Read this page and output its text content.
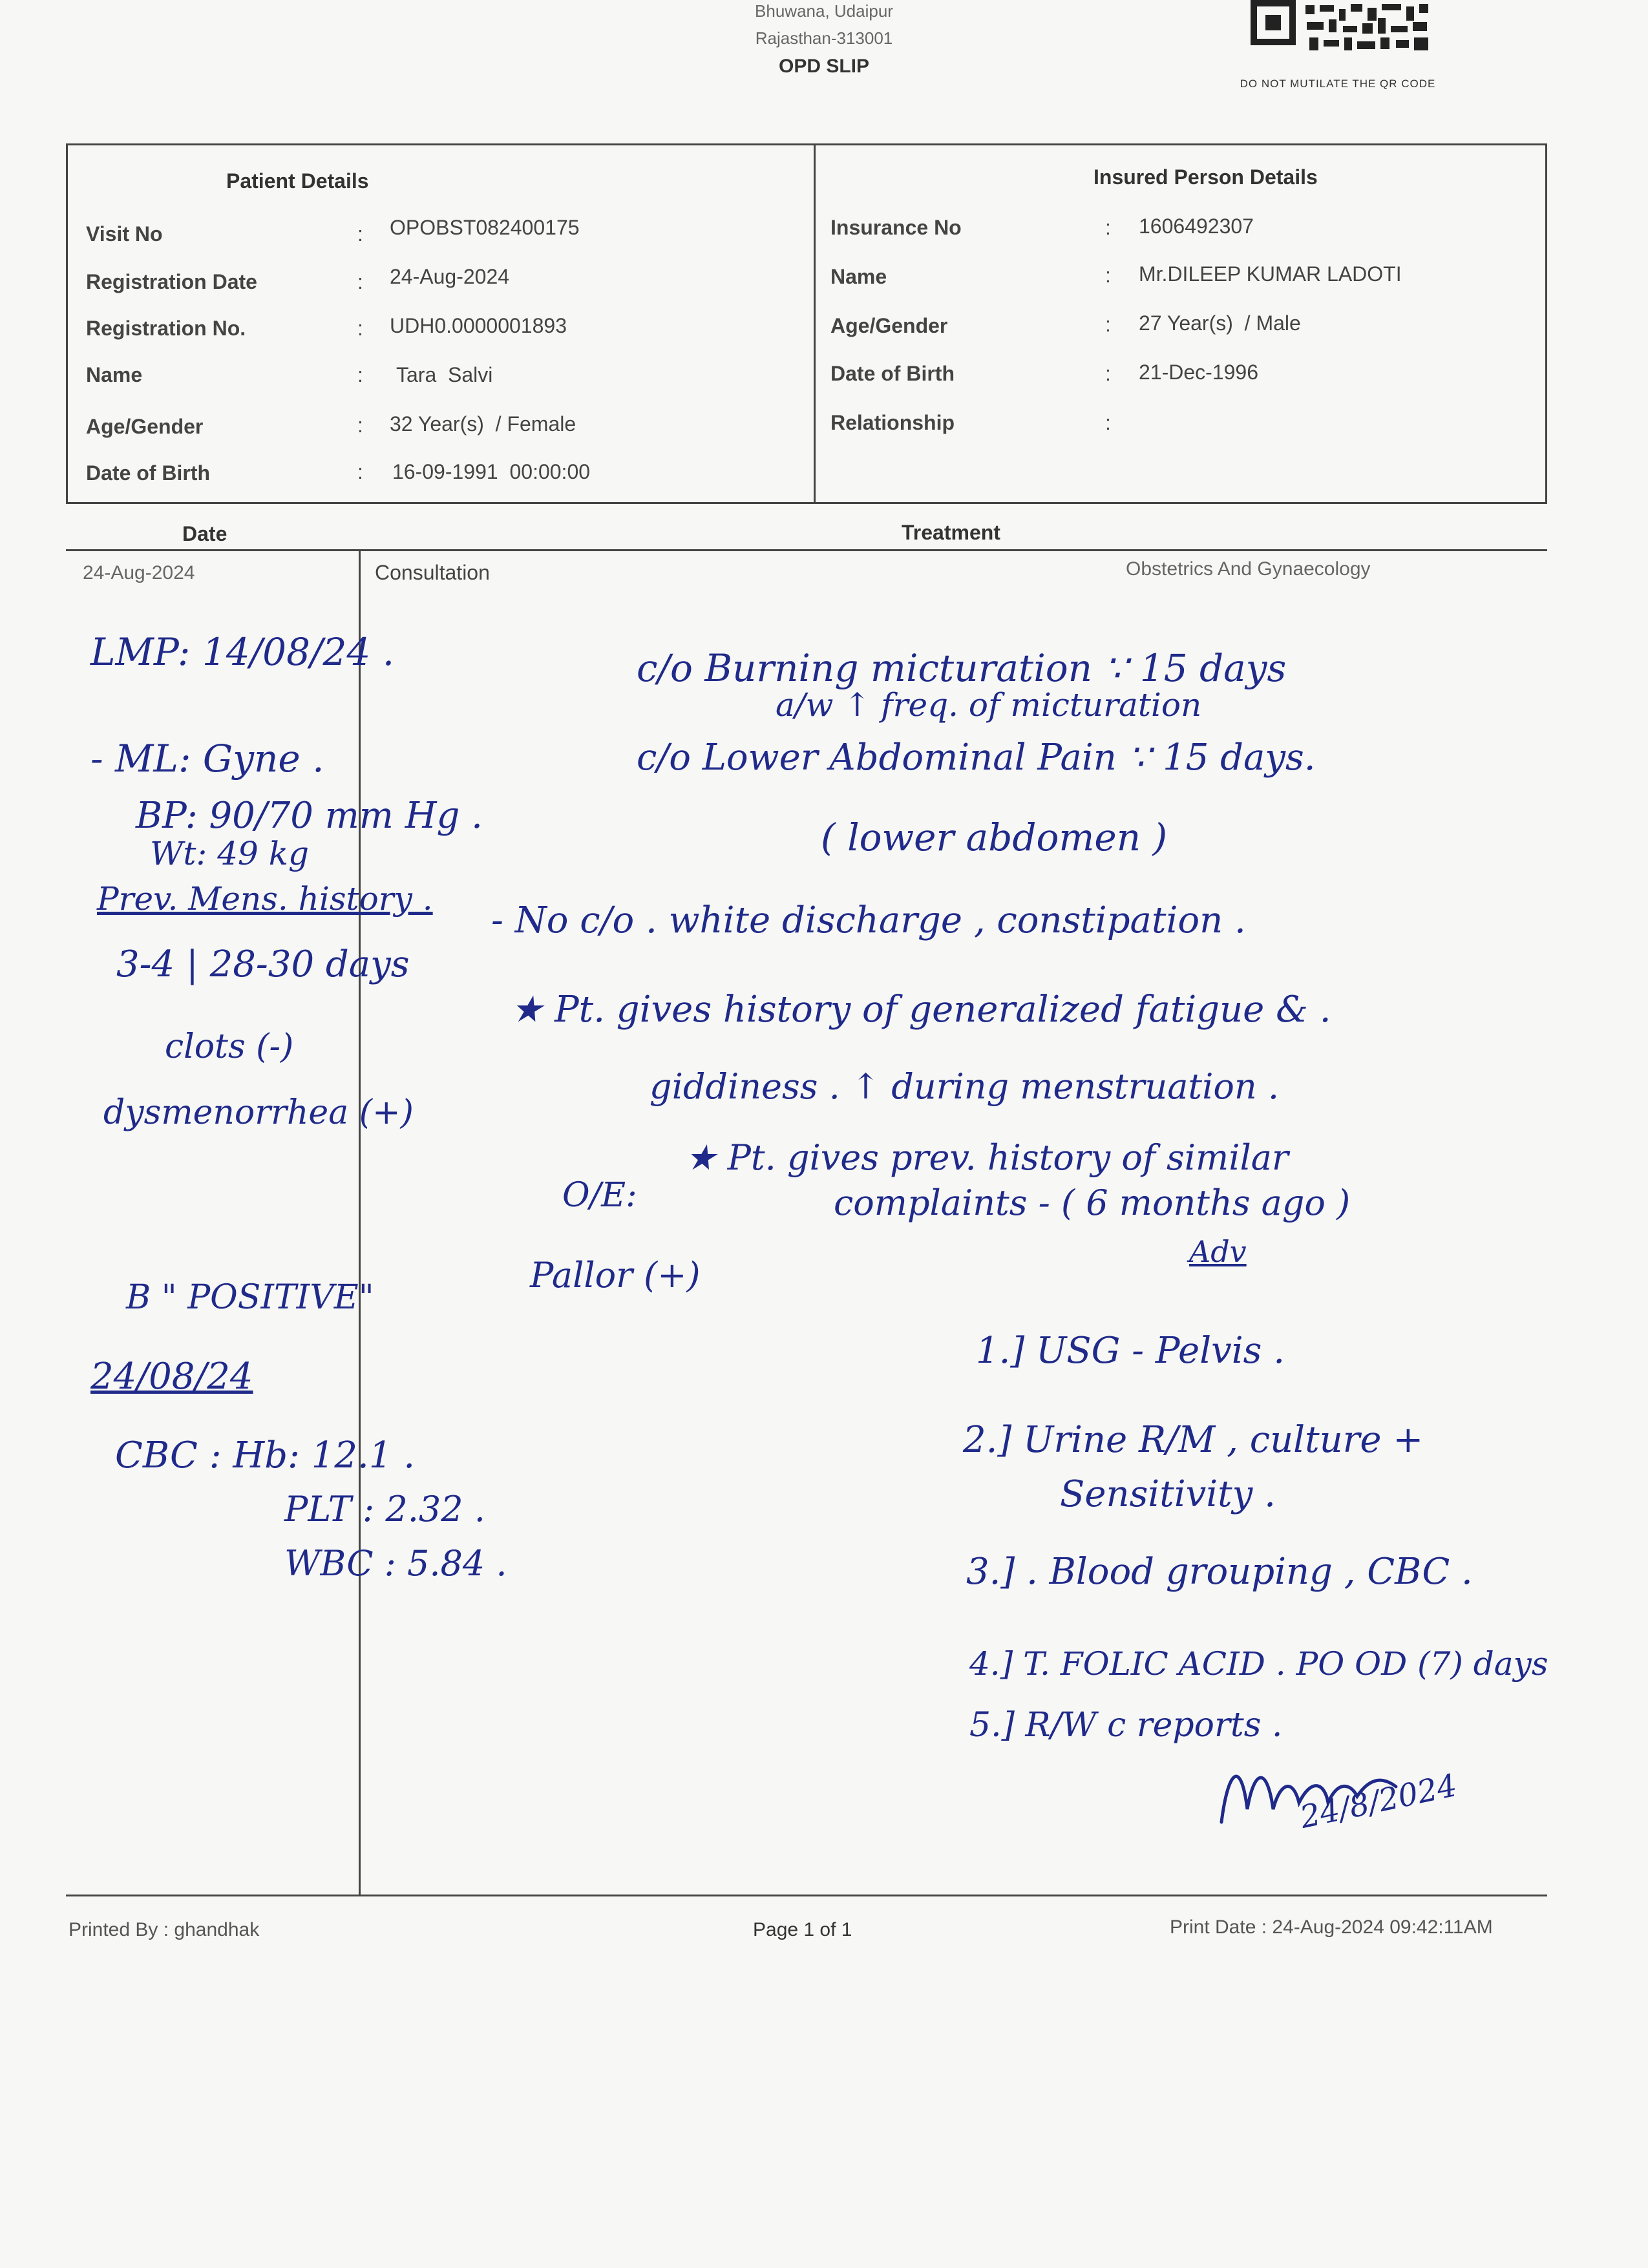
Bhuwana, Udaipur
Rajasthan-313001
OPD SLIP
DO NOT MUTILATE THE QR CODE
Patient Details	Insured Person Details
Visit No	: OPOBST082400175
Registration Date	: 24-Aug-2024
Registration No.	: UDH0.0000001893
Name	: Tara  Salvi
Age/Gender	: 32 Year(s)  / Female
Date of Birth	: 16-09-1991  00:00:00
Insurance No	: 1606492307
Name	: Mr.DILEEP KUMAR LADOTI
Age/Gender	: 27 Year(s)  / Male
Date of Birth	: 21-Dec-1996
Relationship	:
Date	Treatment
24-Aug-2024	Consultation	Obstetrics And Gynaecology
LMP: 14/08/24 .
- ML: Gyne .
BP: 90/70 mm Hg .
Wt: 49 kg
Prev. Mens. history .
3-4 | 28-30 days
clots (-)
dysmenorrhea (+)
B " POSITIVE"
24/08/24
CBC : Hb: 12.1 .
PLT : 2.32 .
WBC : 5.84 .
c/o Burning micturation ∵ 15 days
a/w ↑ freq. of micturation
c/o Lower Abdominal Pain ∵ 15 days.
( lower abdomen )
- No c/o . white discharge , constipation .
★ Pt. gives history of generalized fatigue & .
giddiness . ↑ during menstruation .
O/E:
★ Pt. gives prev. history of similar
complaints - ( 6 months ago )
Pallor (+)
Adv
1.] USG - Pelvis .
2.] Urine R/M , culture +
Sensitivity .
3.] . Blood grouping , CBC .
4.] T. FOLIC ACID . PO OD (7) days
5.] R/W c reports .
24/8/2024
Printed By : ghandhak	Page 1 of 1	Print Date : 24-Aug-2024 09:42:11AM
